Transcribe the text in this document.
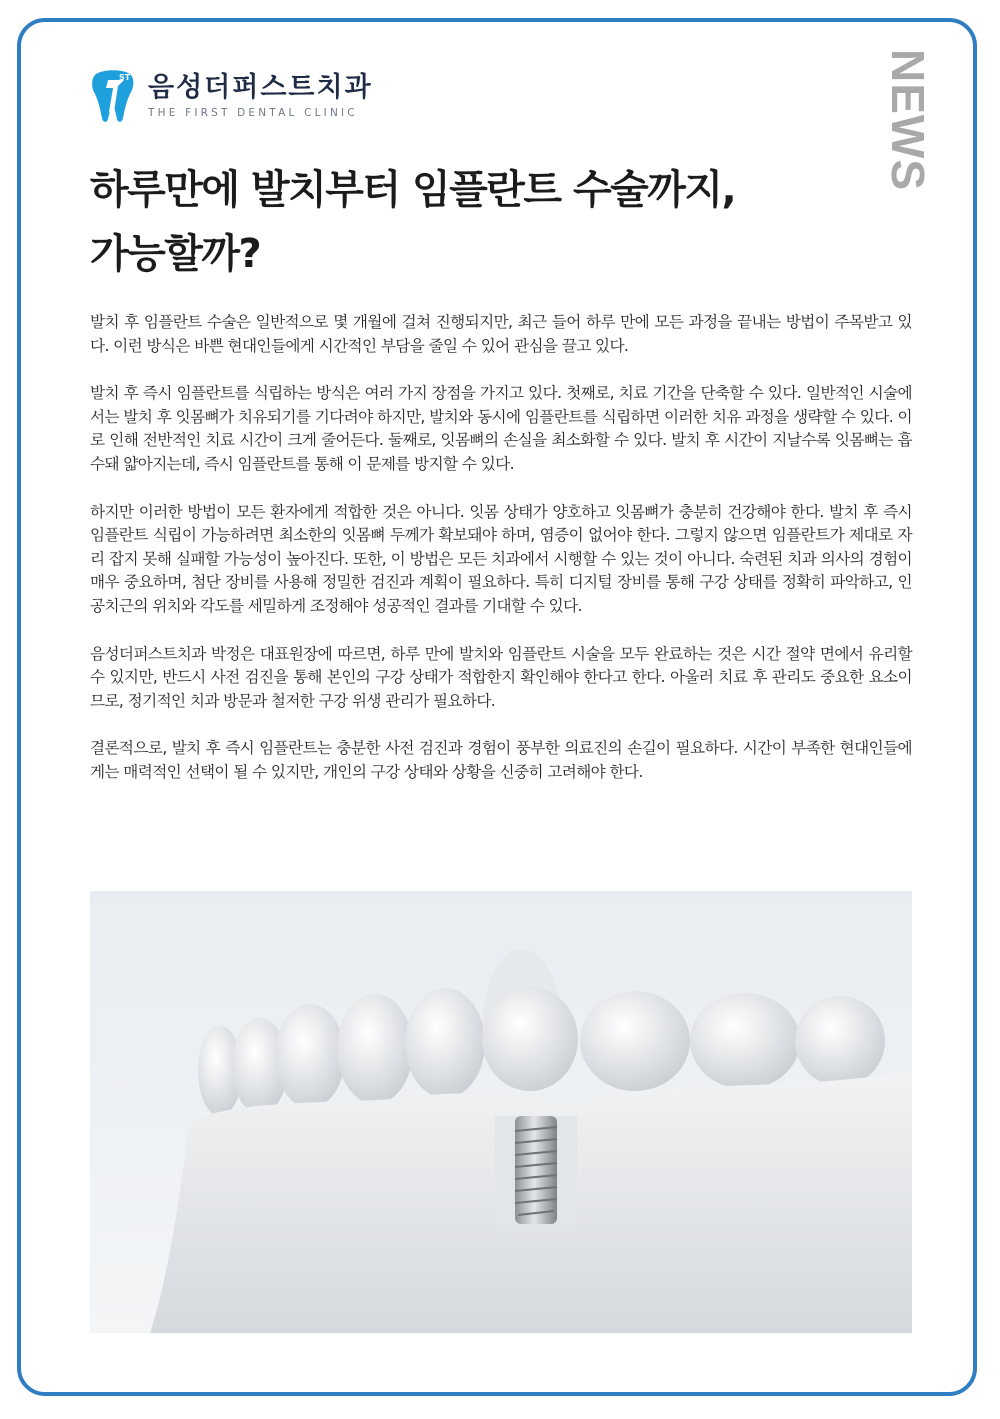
ST 음성더퍼스트치과
THE FIRST DENTAL CLINIC	NEWS
하루만에 발치부터 임플란트 수술까지,
가능할까?

발치 후 임플란트 수술은 일반적으로 몇 개월에 걸쳐 진행되지만, 최근 들어 하루 만에 모든 과정을 끝내는 방법이 주목받고 있다. 이런 방식은 바쁜 현대인들에게 시간적인 부담을 줄일 수 있어 관심을 끌고 있다.

발치 후 즉시 임플란트를 식립하는 방식은 여러 가지 장점을 가지고 있다. 첫째로, 치료 기간을 단축할 수 있다. 일반적인 시술에서는 발치 후 잇몸뼈가 치유되기를 기다려야 하지만, 발치와 동시에 임플란트를 식립하면 이러한 치유 과정을 생략할 수 있다. 이로 인해 전반적인 치료 시간이 크게 줄어든다. 둘째로, 잇몸뼈의 손실을 최소화할 수 있다. 발치 후 시간이 지날수록 잇몸뼈는 흡수돼 얇아지는데, 즉시 임플란트를 통해 이 문제를 방지할 수 있다.

하지만 이러한 방법이 모든 환자에게 적합한 것은 아니다. 잇몸 상태가 양호하고 잇몸뼈가 충분히 건강해야 한다. 발치 후 즉시 임플란트 식립이 가능하려면 최소한의 잇몸뼈 두께가 확보돼야 하며, 염증이 없어야 한다. 그렇지 않으면 임플란트가 제대로 자리 잡지 못해 실패할 가능성이 높아진다. 또한, 이 방법은 모든 치과에서 시행할 수 있는 것이 아니다. 숙련된 치과 의사의 경험이 매우 중요하며, 첨단 장비를 사용해 정밀한 검진과 계획이 필요하다. 특히 디지털 장비를 통해 구강 상태를 정확히 파악하고, 인공치근의 위치와 각도를 세밀하게 조정해야 성공적인 결과를 기대할 수 있다.

음성더퍼스트치과 박정은 대표원장에 따르면, 하루 만에 발치와 임플란트 시술을 모두 완료하는 것은 시간 절약 면에서 유리할 수 있지만, 반드시 사전 검진을 통해 본인의 구강 상태가 적합한지 확인해야 한다고 한다. 아울러 치료 후 관리도 중요한 요소이므로, 정기적인 치과 방문과 철저한 구강 위생 관리가 필요하다.

결론적으로, 발치 후 즉시 임플란트는 충분한 사전 검진과 경험이 풍부한 의료진의 손길이 필요하다. 시간이 부족한 현대인들에게는 매력적인 선택이 될 수 있지만, 개인의 구강 상태와 상황을 신중히 고려해야 한다.
